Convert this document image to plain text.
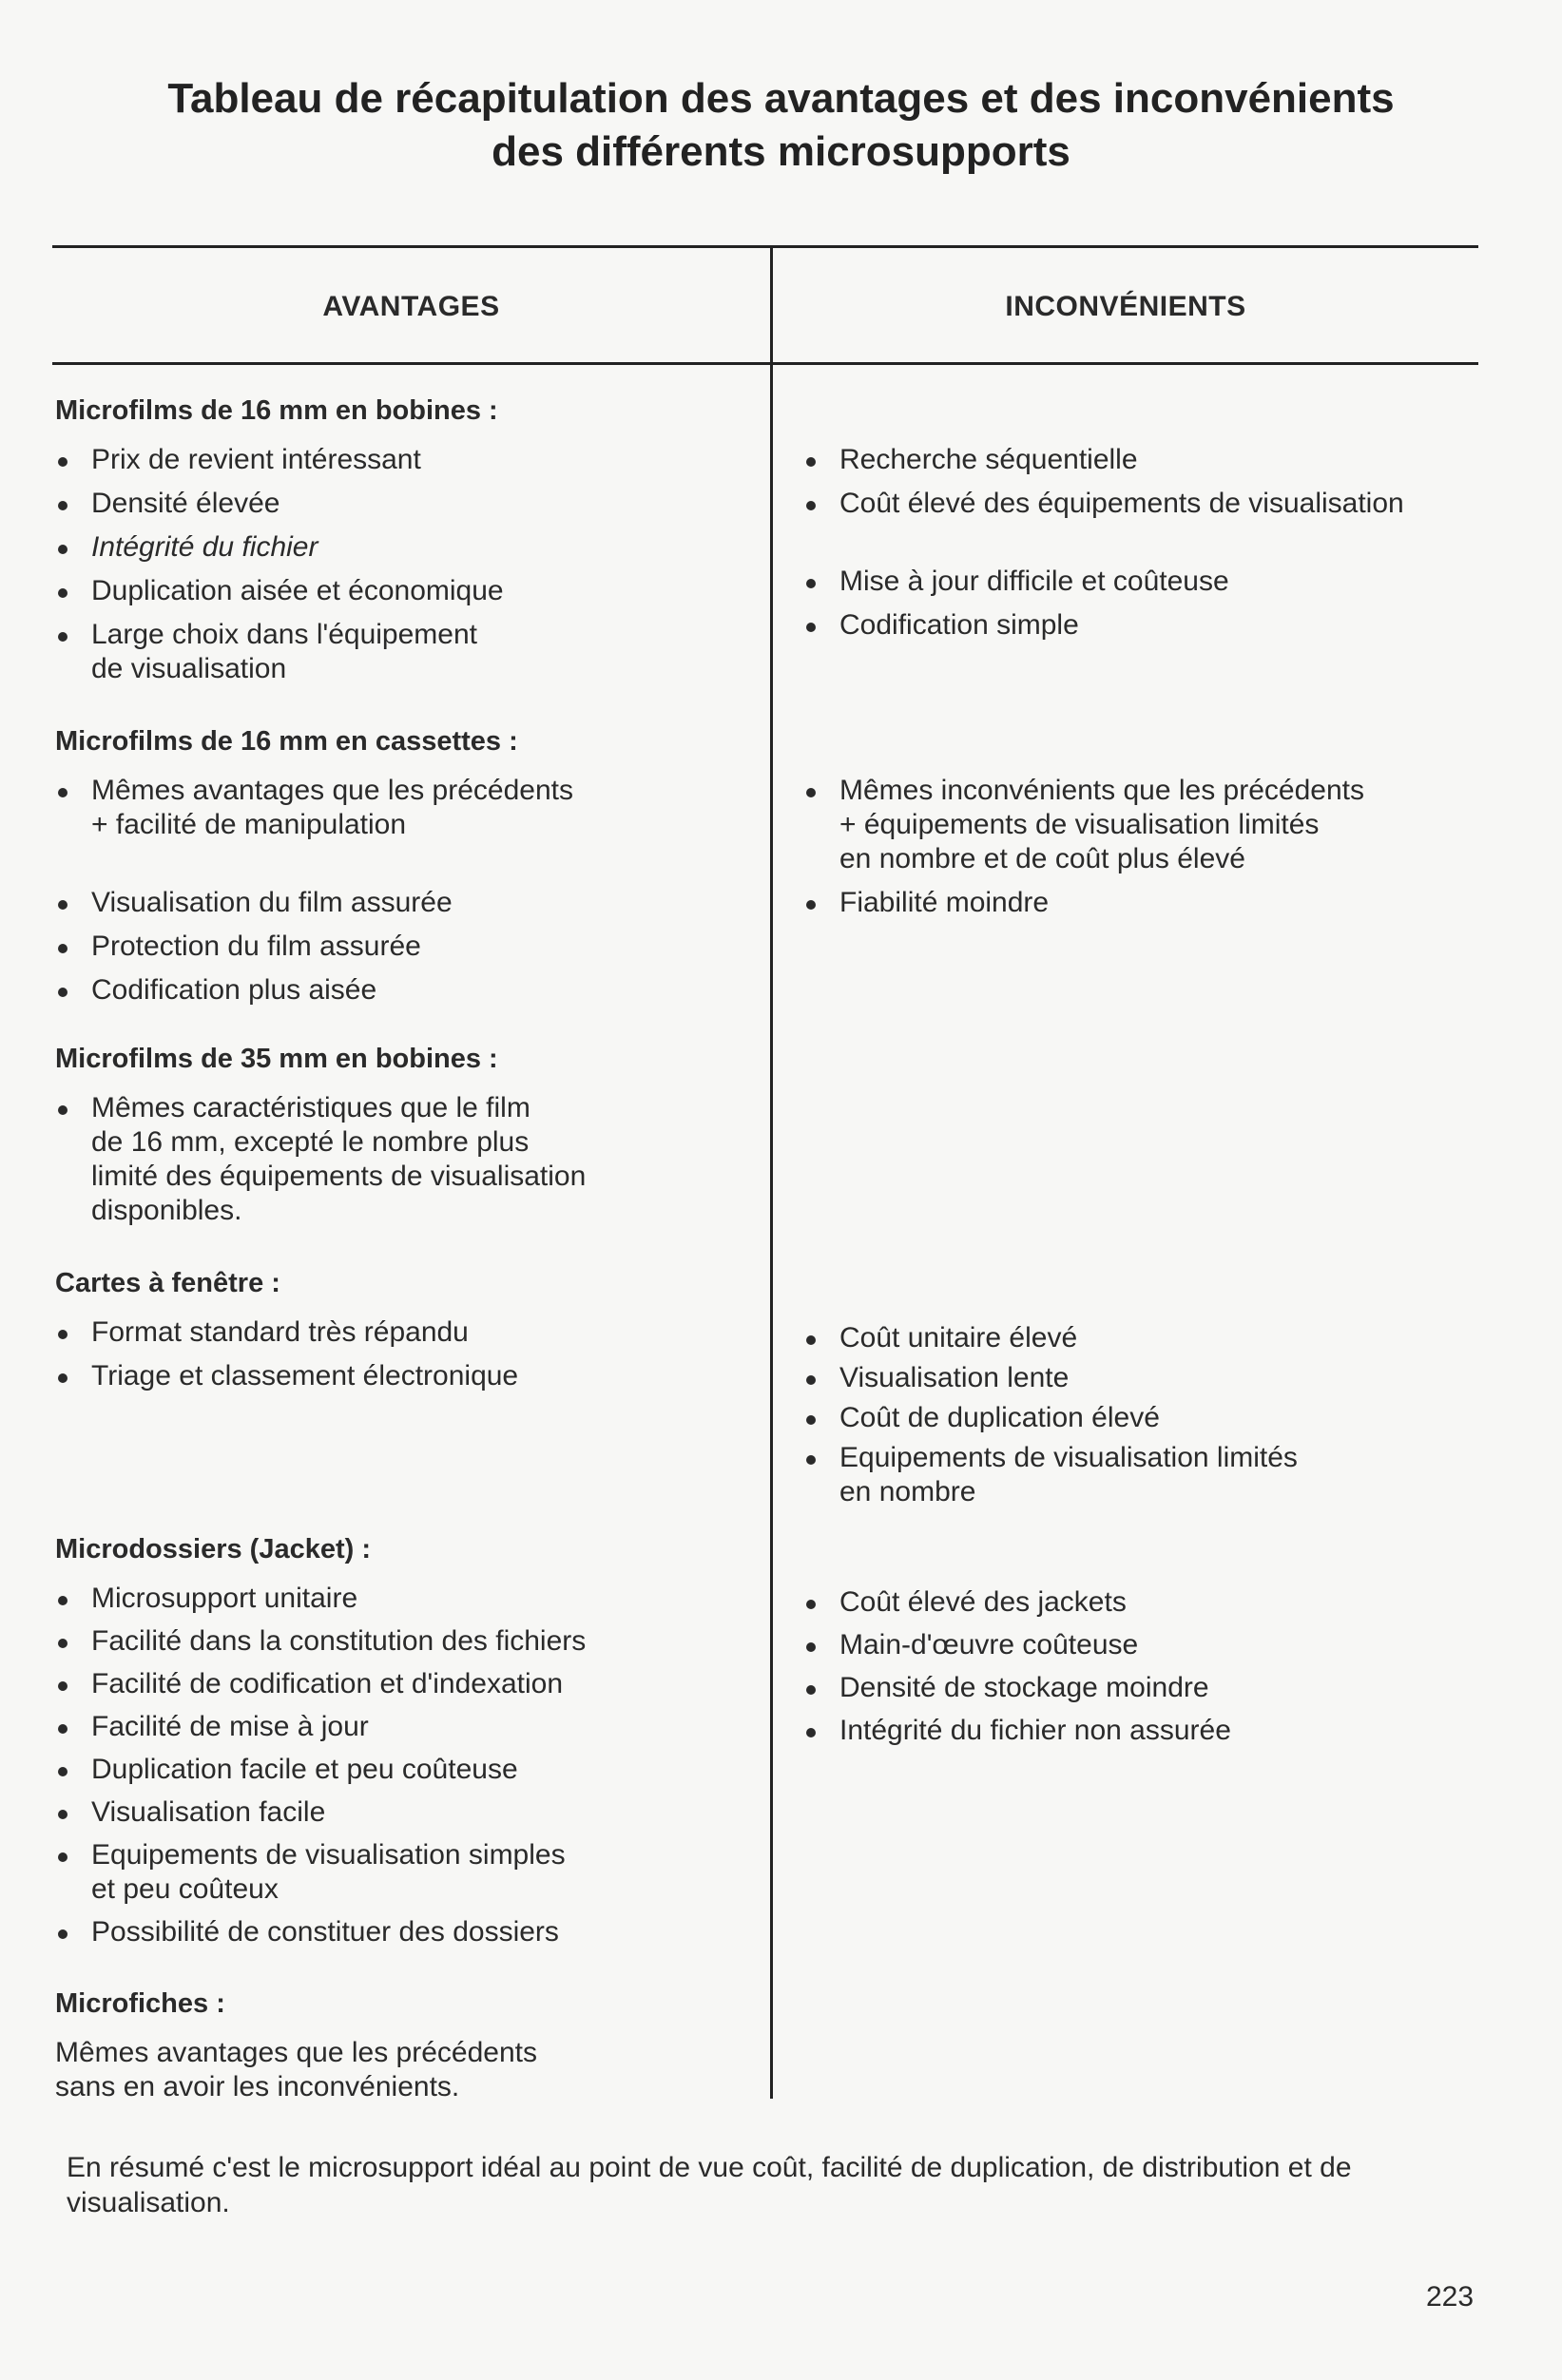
Tableau de récapitulation des avantages et des inconvénients
des différents microsupports
AVANTAGES	INCONVÉNIENTS
Microfilms de 16 mm en bobines :
Prix de revient intéressant
Densité élevée
Intégrité du fichier
Duplication aisée et économique
Large choix dans l'équipement
de visualisation
Recherche séquentielle
Coût élevé des équipements de visualisation
Mise à jour difficile et coûteuse
Codification simple
Microfilms de 16 mm en cassettes :
Mêmes avantages que les précédents
+ facilité de manipulation
Visualisation du film assurée
Protection du film assurée
Codification plus aisée
Mêmes inconvénients que les précédents
+ équipements de visualisation limités
en nombre et de coût plus élevé
Fiabilité moindre
Microfilms de 35 mm en bobines :
Mêmes caractéristiques que le film
de 16 mm, excepté le nombre plus
limité des équipements de visualisation
disponibles.
Cartes à fenêtre :
Format standard très répandu
Triage et classement électronique
Coût unitaire élevé
Visualisation lente
Coût de duplication élevé
Equipements de visualisation limités
en nombre
Microdossiers (Jacket) :
Microsupport unitaire
Facilité dans la constitution des fichiers
Facilité de codification et d'indexation
Facilité de mise à jour
Duplication facile et peu coûteuse
Visualisation facile
Equipements de visualisation simples
et peu coûteux
Possibilité de constituer des dossiers
Coût élevé des jackets
Main-d'œuvre coûteuse
Densité de stockage moindre
Intégrité du fichier non assurée
Microfiches :
Mêmes avantages que les précédents
sans en avoir les inconvénients.
En résumé c'est le microsupport idéal au point de vue coût, facilité de duplication, de distribution et de visualisation.
223
